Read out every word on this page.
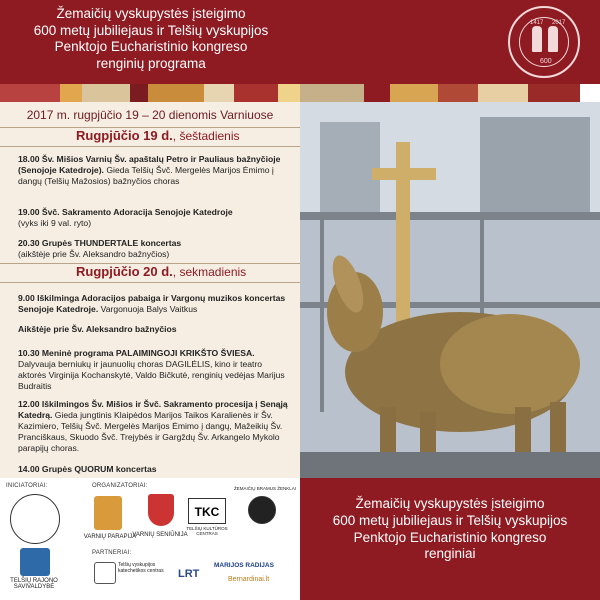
Žemaičių vyskupystės įsteigimo
600 metų jubiliejaus ir Telšių vyskupijos
Penktojo Eucharistinio kongreso
renginių programa
1417 2017
600
2017 m. rugpjūčio 19 – 20 dienomis Varniuose
Rugpjūčio 19 d., šeštadienis
18.00 Šv. Mišios Varnių Šv. apaštalų Petro ir Pauliaus bažnyčioje (Senojoje Katedroje). Gieda Telšių Švč. Mergelės Marijos Ėmimo į dangų (Telšių Mažosios) bažnyčios choras
19.00 Švč. Sakramento Adoracija Senojoje Katedroje
(vyks iki 9 val. ryto)
20.30 Grupės THUNDERTALE koncertas
(aikštėje prie Šv. Aleksandro bažnyčios)
Rugpjūčio 20 d., sekmadienis
9.00 Iškilminga Adoracijos pabaiga ir Vargonų muzikos koncertas Senojoje Katedroje. Vargonuoja Balys Vaitkus
Aikštėje prie Šv. Aleksandro bažnyčios
10.30 Meninė programa PALAIMINGOJI KRIKŠTO ŠVIESA. Dalyvauja berniukų ir jaunuolių choras DAGILĖLIS, kino ir teatro aktorės Virginija Kochanskytė, Valdo Bičkutė, renginių vedėjas Marijus Budraitis
12.00 Iškilmingos Šv. Mišios ir Švč. Sakramento procesija į Senąją Katedrą. Gieda jungtinis Klaipėdos Marijos Taikos Karalienės ir Šv. Kazimiero, Telšių Švč. Mergelės Marijos Ėmimo į dangų, Mažeikių Šv. Pranciškaus, Skuodo Švč. Trejybės ir Gargždų Šv. Arkangelo Mykolo parapijų choras.
14.00 Grupės QUORUM koncertas
INICIATORIAI:	ORGANIZATORIAI:
PARTNERIAI:
TELŠIŲ RAJONO SAVIVALDYBĖ
VARNIŲ PARAPIJA
VARNIŲ SENIŪNIJA
TKC
TELŠIŲ KULTŪROS CENTRAS
ŽEMAIČIŲ BRAMUS ŽENKLAI
Telšių vyskupijos katechetikos centras	LRT
MARIJOS RADIJAS
Bernardinai.lt
Žemaičių vyskupystės įsteigimo
600 metų jubiliejaus ir Telšių vyskupijos
Penktojo Eucharistinio kongreso
renginiai
